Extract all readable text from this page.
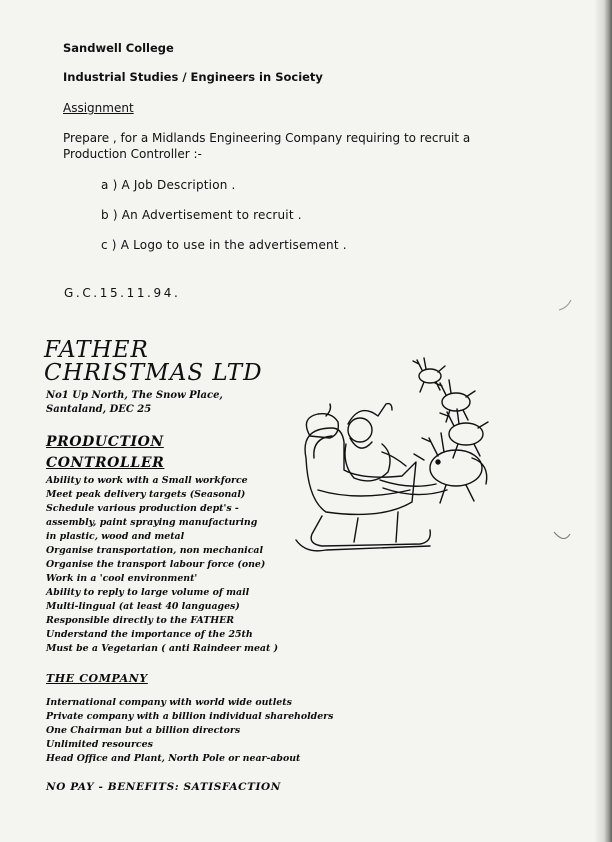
Sandwell College
Industrial Studies / Engineers in Society
Assignment
Prepare , for a Midlands Engineering Company requiring to recruit a
Production Controller :-
a ) A Job Description .
b ) An Advertisement to recruit .
c ) A Logo to use in the advertisement .
G.C.15.11.94.
FATHER
CHRISTMAS LTD
No1 Up North, The Snow Place,
Santaland, DEC 25
PRODUCTION
CONTROLLER
Ability to work with a Small workforce
Meet peak delivery targets (Seasonal)
Schedule various production dept's -
assembly, paint spraying manufacturing
in plastic, wood and metal
Organise transportation, non mechanical
Organise the transport labour force (one)
Work in a 'cool environment'
Ability to reply to large volume of mail
Multi-lingual (at least 40 languages)
Responsible directly to the FATHER
Understand the importance of the 25th
Must be a Vegetarian ( anti Raindeer meat )
THE COMPANY
International company with world wide outlets
Private company with a billion individual shareholders
One Chairman but a billion directors
Unlimited resources
Head Office and Plant, North Pole or near-about
NO PAY - BENEFITS: SATISFACTION
